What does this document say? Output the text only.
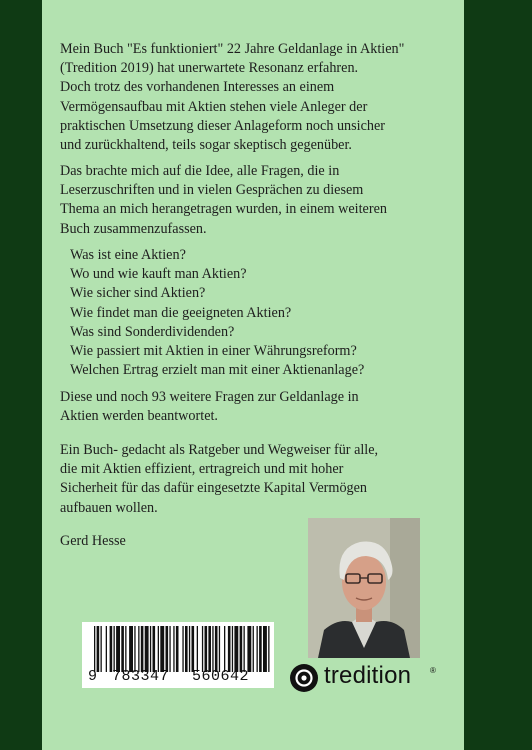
Mein Buch "Es funktioniert" 22 Jahre Geldanlage in Aktien"
(Tredition 2019) hat unerwartete Resonanz erfahren.
Doch trotz des vorhandenen Interesses an einem
Vermögensaufbau mit Aktien stehen viele Anleger der
praktischen Umsetzung dieser Anlageform noch unsicher
und zurückhaltend, teils sogar skeptisch gegenüber.

Das brachte mich auf die Idee, alle Fragen, die in
Leserzuschriften und in vielen Gesprächen zu diesem
Thema an mich herangetragen wurden, in einem weiteren
Buch zusammenzufassen.

Was ist eine Aktien?
Wo und wie kauft man Aktien?
Wie sicher sind Aktien?
Wie findet man die geeigneten Aktien?
Was sind Sonderdividenden?
Wie passiert mit Aktien in einer Währungsreform?
Welchen Ertrag erzielt man mit einer Aktienanlage?

Diese und noch 93 weitere Fragen zur Geldanlage in
Aktien werden beantwortet.

Ein Buch- gedacht als Ratgeber und Wegweiser für alle,
die mit Aktien effizient, ertragreich und mit hoher
Sicherheit für das dafür eingesetzte Kapital Vermögen
aufbauen wollen.

Gerd Hesse

9 783347 560642	tredition ®
